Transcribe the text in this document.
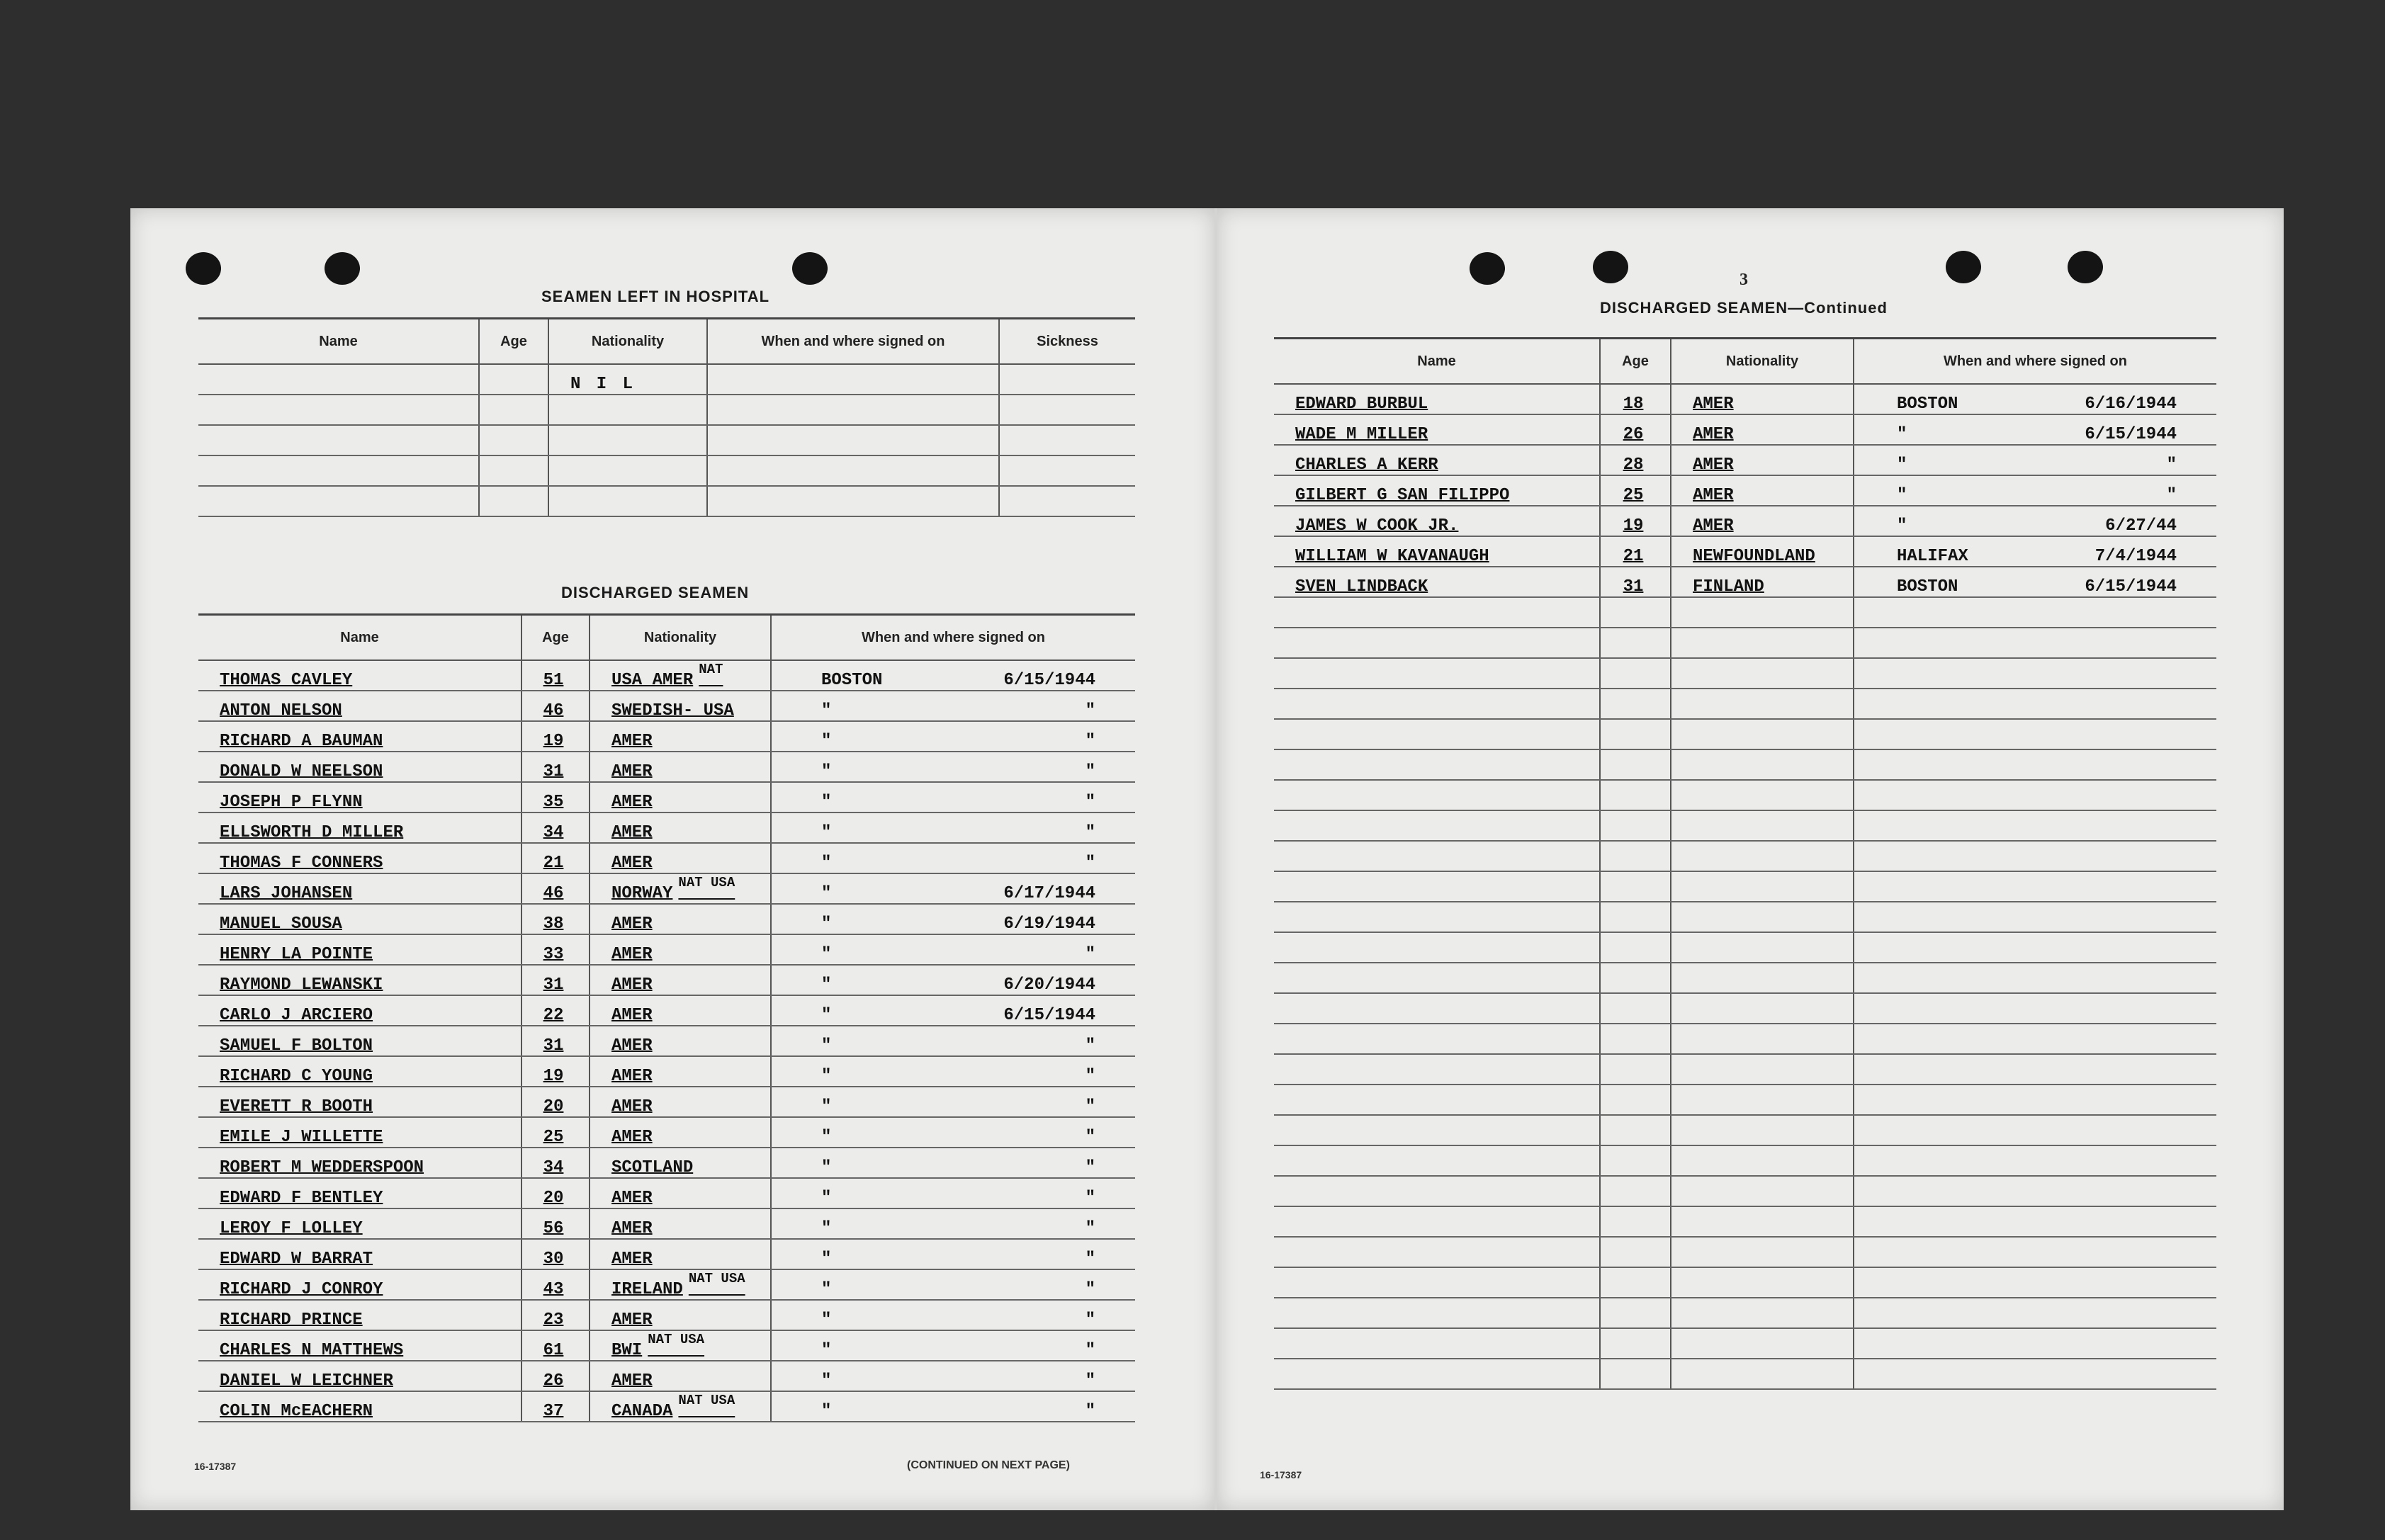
SEAMEN LEFT IN HOSPITAL
Name	Age	Nationality	When and where signed on	Sickness
		N I L		

DISCHARGED SEAMEN
Name	Age	Nationality	When and where signed on
THOMAS CAVLEY	51	USA $AMER^{NAT}$	BOSTON 6/15/1944

ANTON NELSON	46	SWEDISH- USA	" "

RICHARD A BAUMAN	19	AMER	" "

DONALD W NEELSON	31	AMER	" "

JOSEPH P FLYNN	35	AMER	" "

ELLSWORTH D MILLER	34	AMER	" "

THOMAS F CONNERS	21	AMER	" "

LARS JOHANSEN	46	$NORWAY^{NAT USA}$	" 6/17/1944

MANUEL SOUSA	38	AMER	" 6/19/1944

HENRY LA POINTE	33	AMER	" "

RAYMOND LEWANSKI	31	AMER	" 6/20/1944

CARLO J ARCIERO	22	AMER	" 6/15/1944

SAMUEL F BOLTON	31	AMER	" "

RICHARD C YOUNG	19	AMER	" "

EVERETT R BOOTH	20	AMER	" "

EMILE J WILLETTE	25	AMER	" "

ROBERT M WEDDERSPOON	34	SCOTLAND	" "

EDWARD F BENTLEY	20	AMER	" "

LEROY F LOLLEY	56	AMER	" "

EDWARD W BARRAT	30	AMER	" "

RICHARD J CONROY	43	$IRELAND^{NAT USA}$	" "

RICHARD PRINCE	23	AMER	" "

CHARLES N MATTHEWS	61	$BWI^{NAT USA}$	" "

DANIEL W LEICHNER	26	AMER	" "

COLIN McEACHERN	37	$CANADA^{NAT USA}$	" "
16-17387	(CONTINUED ON NEXT PAGE)
3
DISCHARGED SEAMEN—Continued
Name	Age	Nationality	When and where signed on
EDWARD BURBUL	18	AMER	BOSTON 6/16/1944

WADE M MILLER	26	AMER	" 6/15/1944

CHARLES A KERR	28	AMER	" "

GILBERT G SAN FILIPPO	25	AMER	" "

JAMES W COOK JR.	19	AMER	" 6/27/44

WILLIAM W KAVANAUGH	21	NEWFOUNDLAND	HALIFAX 7/4/1944

SVEN LINDBACK	31	FINLAND	BOSTON 6/15/1944

16-17387
